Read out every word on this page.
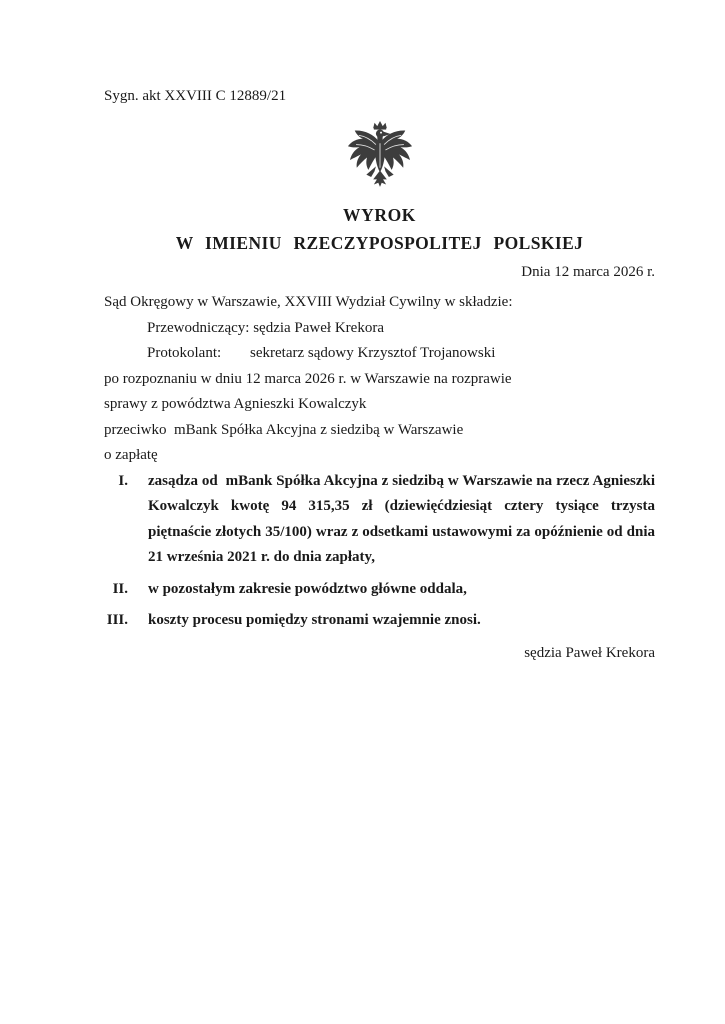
Sygn. akt XXVIII C 12889/21
WYROK
W IMIENIU RZECZYPOSPOLITEJ POLSKIEJ
Dnia 12 marca 2026 r.

Sąd Okręgowy w Warszawie, XXVIII Wydział Cywilny w składzie:

Przewodniczący: sędzia Paweł Krekora

Protokolant: sekretarz sądowy Krzysztof Trojanowski

po rozpoznaniu w dniu 12 marca 2026 r. w Warszawie na rozprawie

sprawy z powództwa Agnieszki Kowalczyk

przeciwko  mBank Spółka Akcyjna z siedzibą w Warszawie

o zapłatę

I. zasądza od  mBank Spółka Akcyjna z siedzibą w Warszawie na rzecz Agnieszki Kowalczyk kwotę 94 315,35 zł (dziewięćdziesiąt cztery tysiące trzysta piętnaście złotych 35/100) wraz z odsetkami ustawowymi za opóźnienie od dnia 21 września 2021 r. do dnia zapłaty,
II. w pozostałym zakresie powództwo główne oddala,
III. koszty procesu pomiędzy stronami wzajemnie znosi.
sędzia Paweł Krekora
